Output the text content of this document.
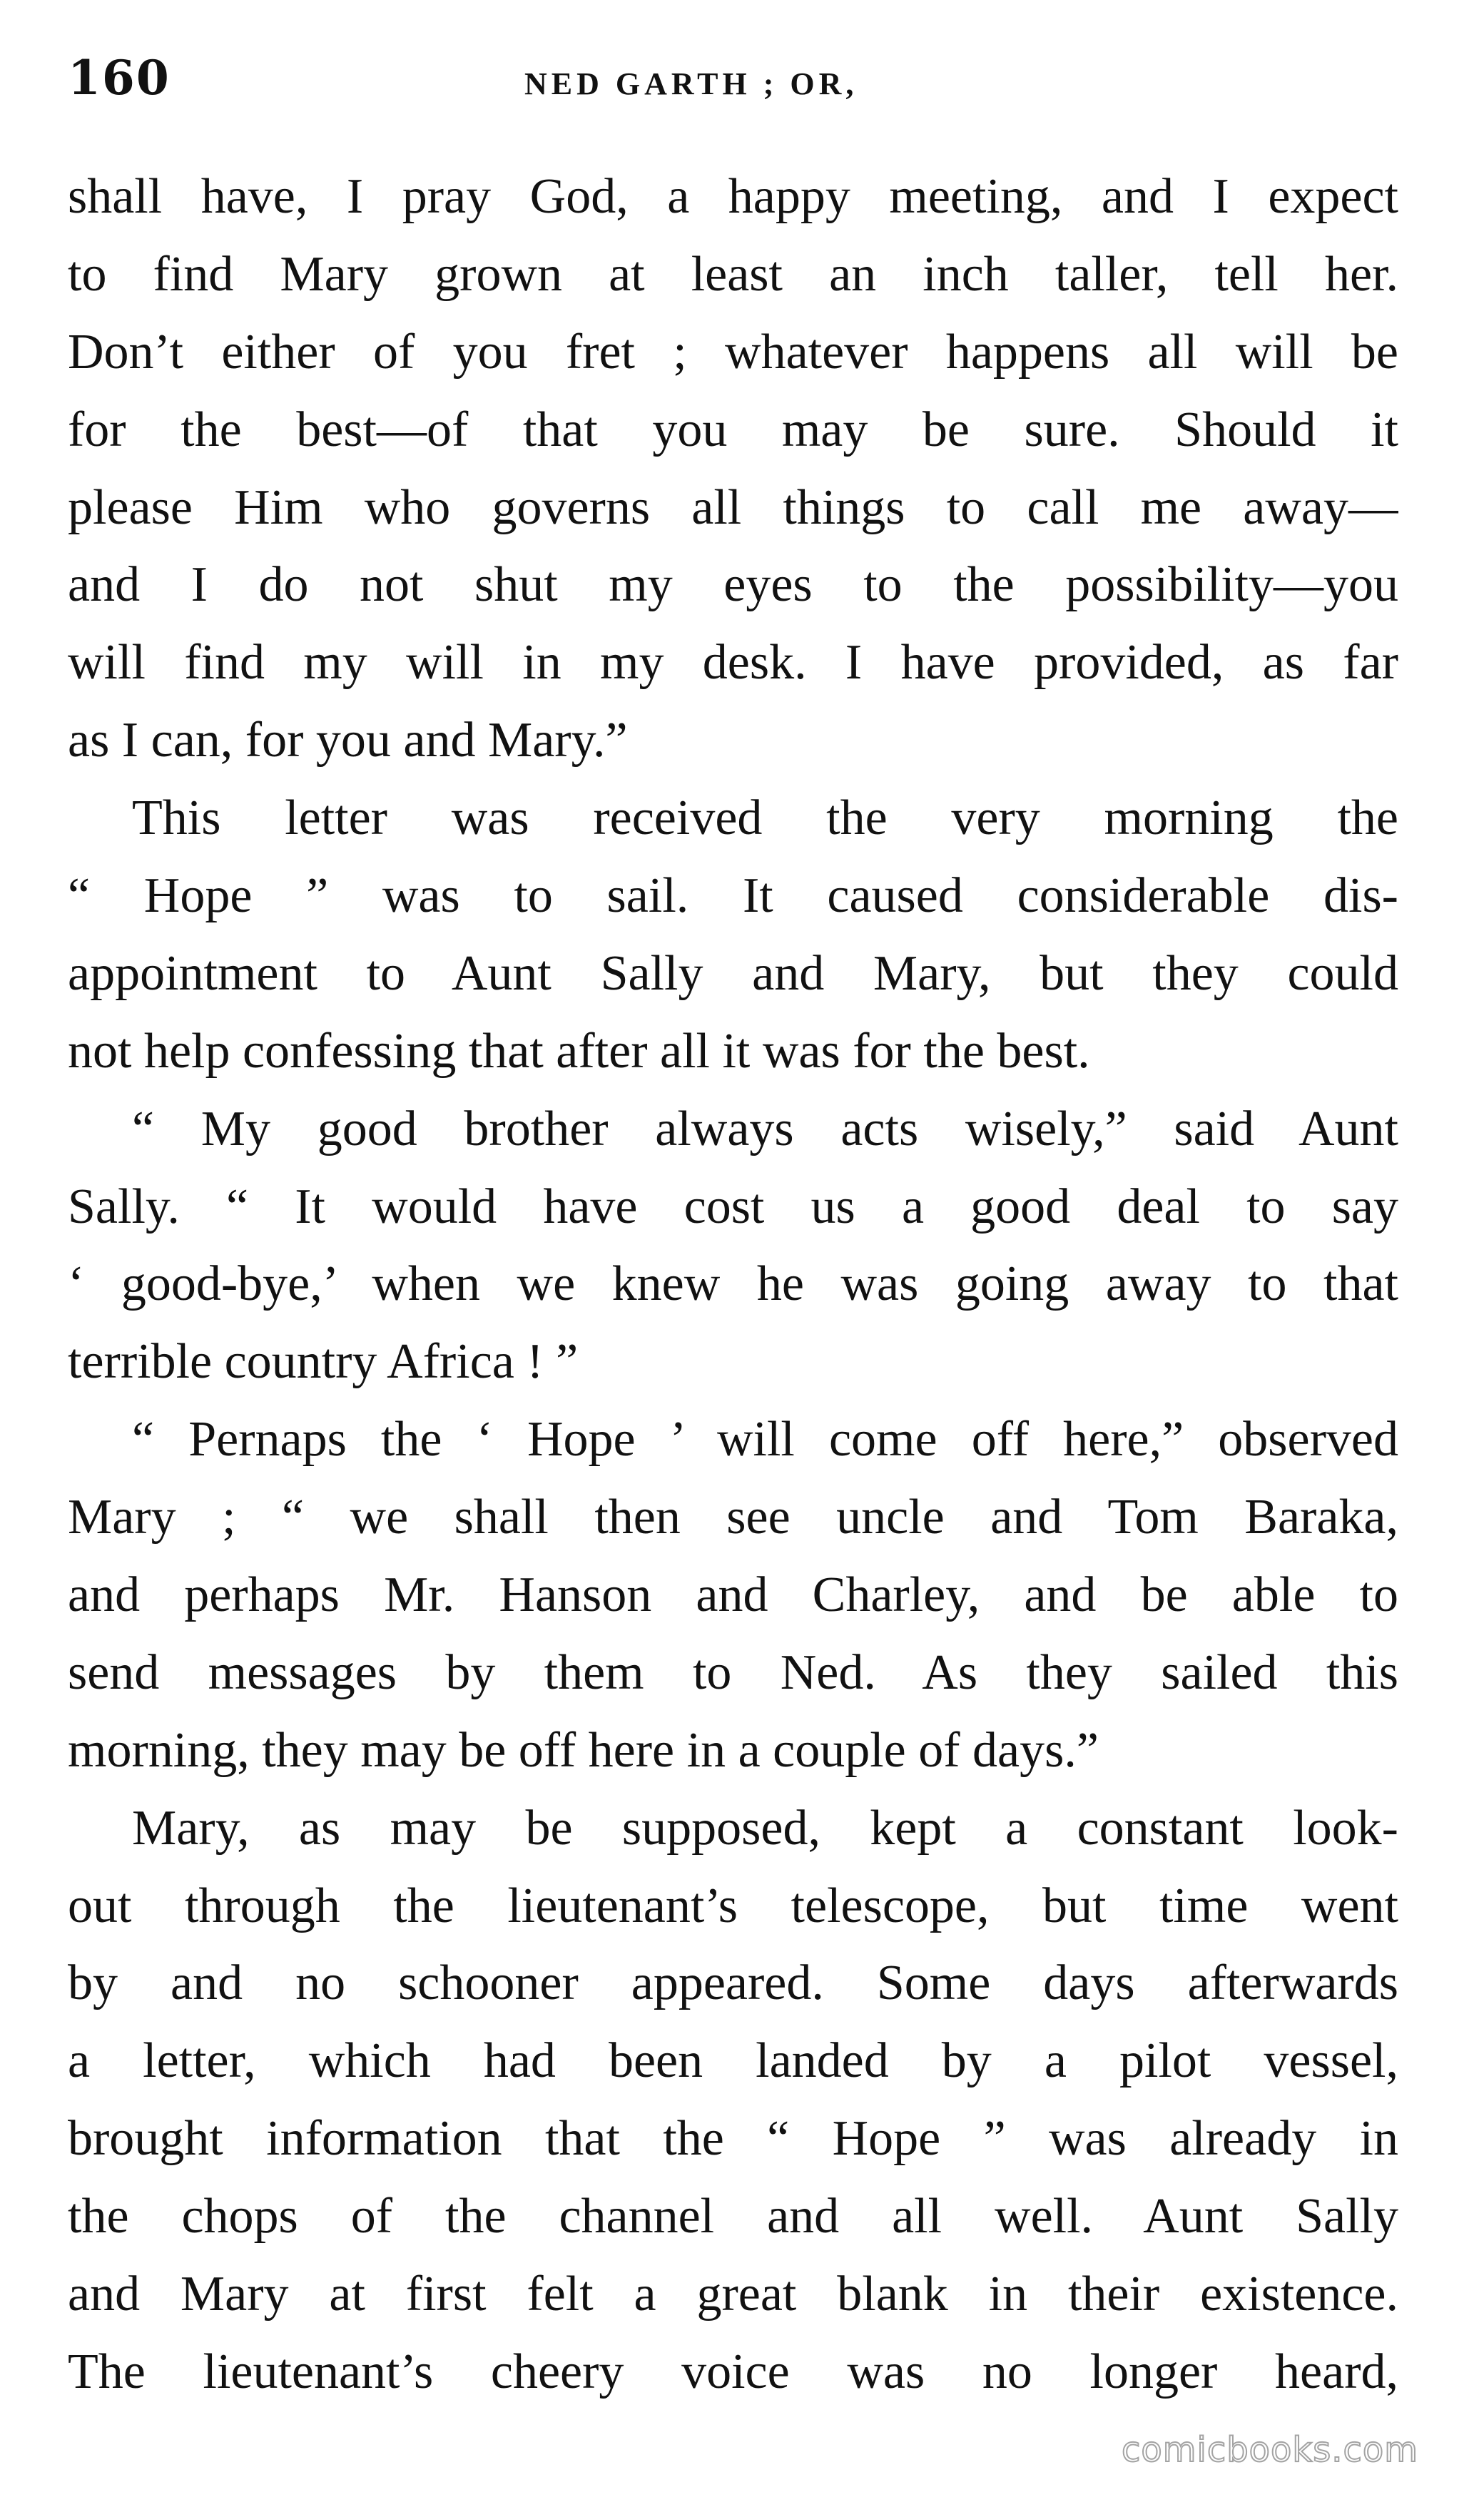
160	NED GARTH ; OR,
shall have, I pray God, a happy meeting, and I expect
to find Mary grown at least an inch taller, tell her.
Don’t either of you fret ; whatever happens all will be
for the best—of that you may be sure. Should it
please Him who governs all things to call me away—
and I do not shut my eyes to the possibility—you
will find my will in my desk. I have provided, as far
as I can, for you and Mary.”
This letter was received the very morning the
“ Hope ” was to sail. It caused considerable dis-
appointment to Aunt Sally and Mary, but they could
not help confessing that after all it was for the best.
“ My good brother always acts wisely,” said Aunt
Sally. “ It would have cost us a good deal to say
‘ good-bye,’ when we knew he was going away to that
terrible country Africa ! ”
“ Pernaps the ‘ Hope ’ will come off here,” observed
Mary ; “ we shall then see uncle and Tom Baraka,
and perhaps Mr. Hanson and Charley, and be able to
send messages by them to Ned. As they sailed this
morning, they may be off here in a couple of days.”
Mary, as may be supposed, kept a constant look-
out through the lieutenant’s telescope, but time went
by and no schooner appeared. Some days afterwards
a letter, which had been landed by a pilot vessel,
brought information that the “ Hope ” was already in
the chops of the channel and all well. Aunt Sally
and Mary at first felt a great blank in their existence.
The lieutenant’s cheery voice was no longer heard,
comicbooks.com
